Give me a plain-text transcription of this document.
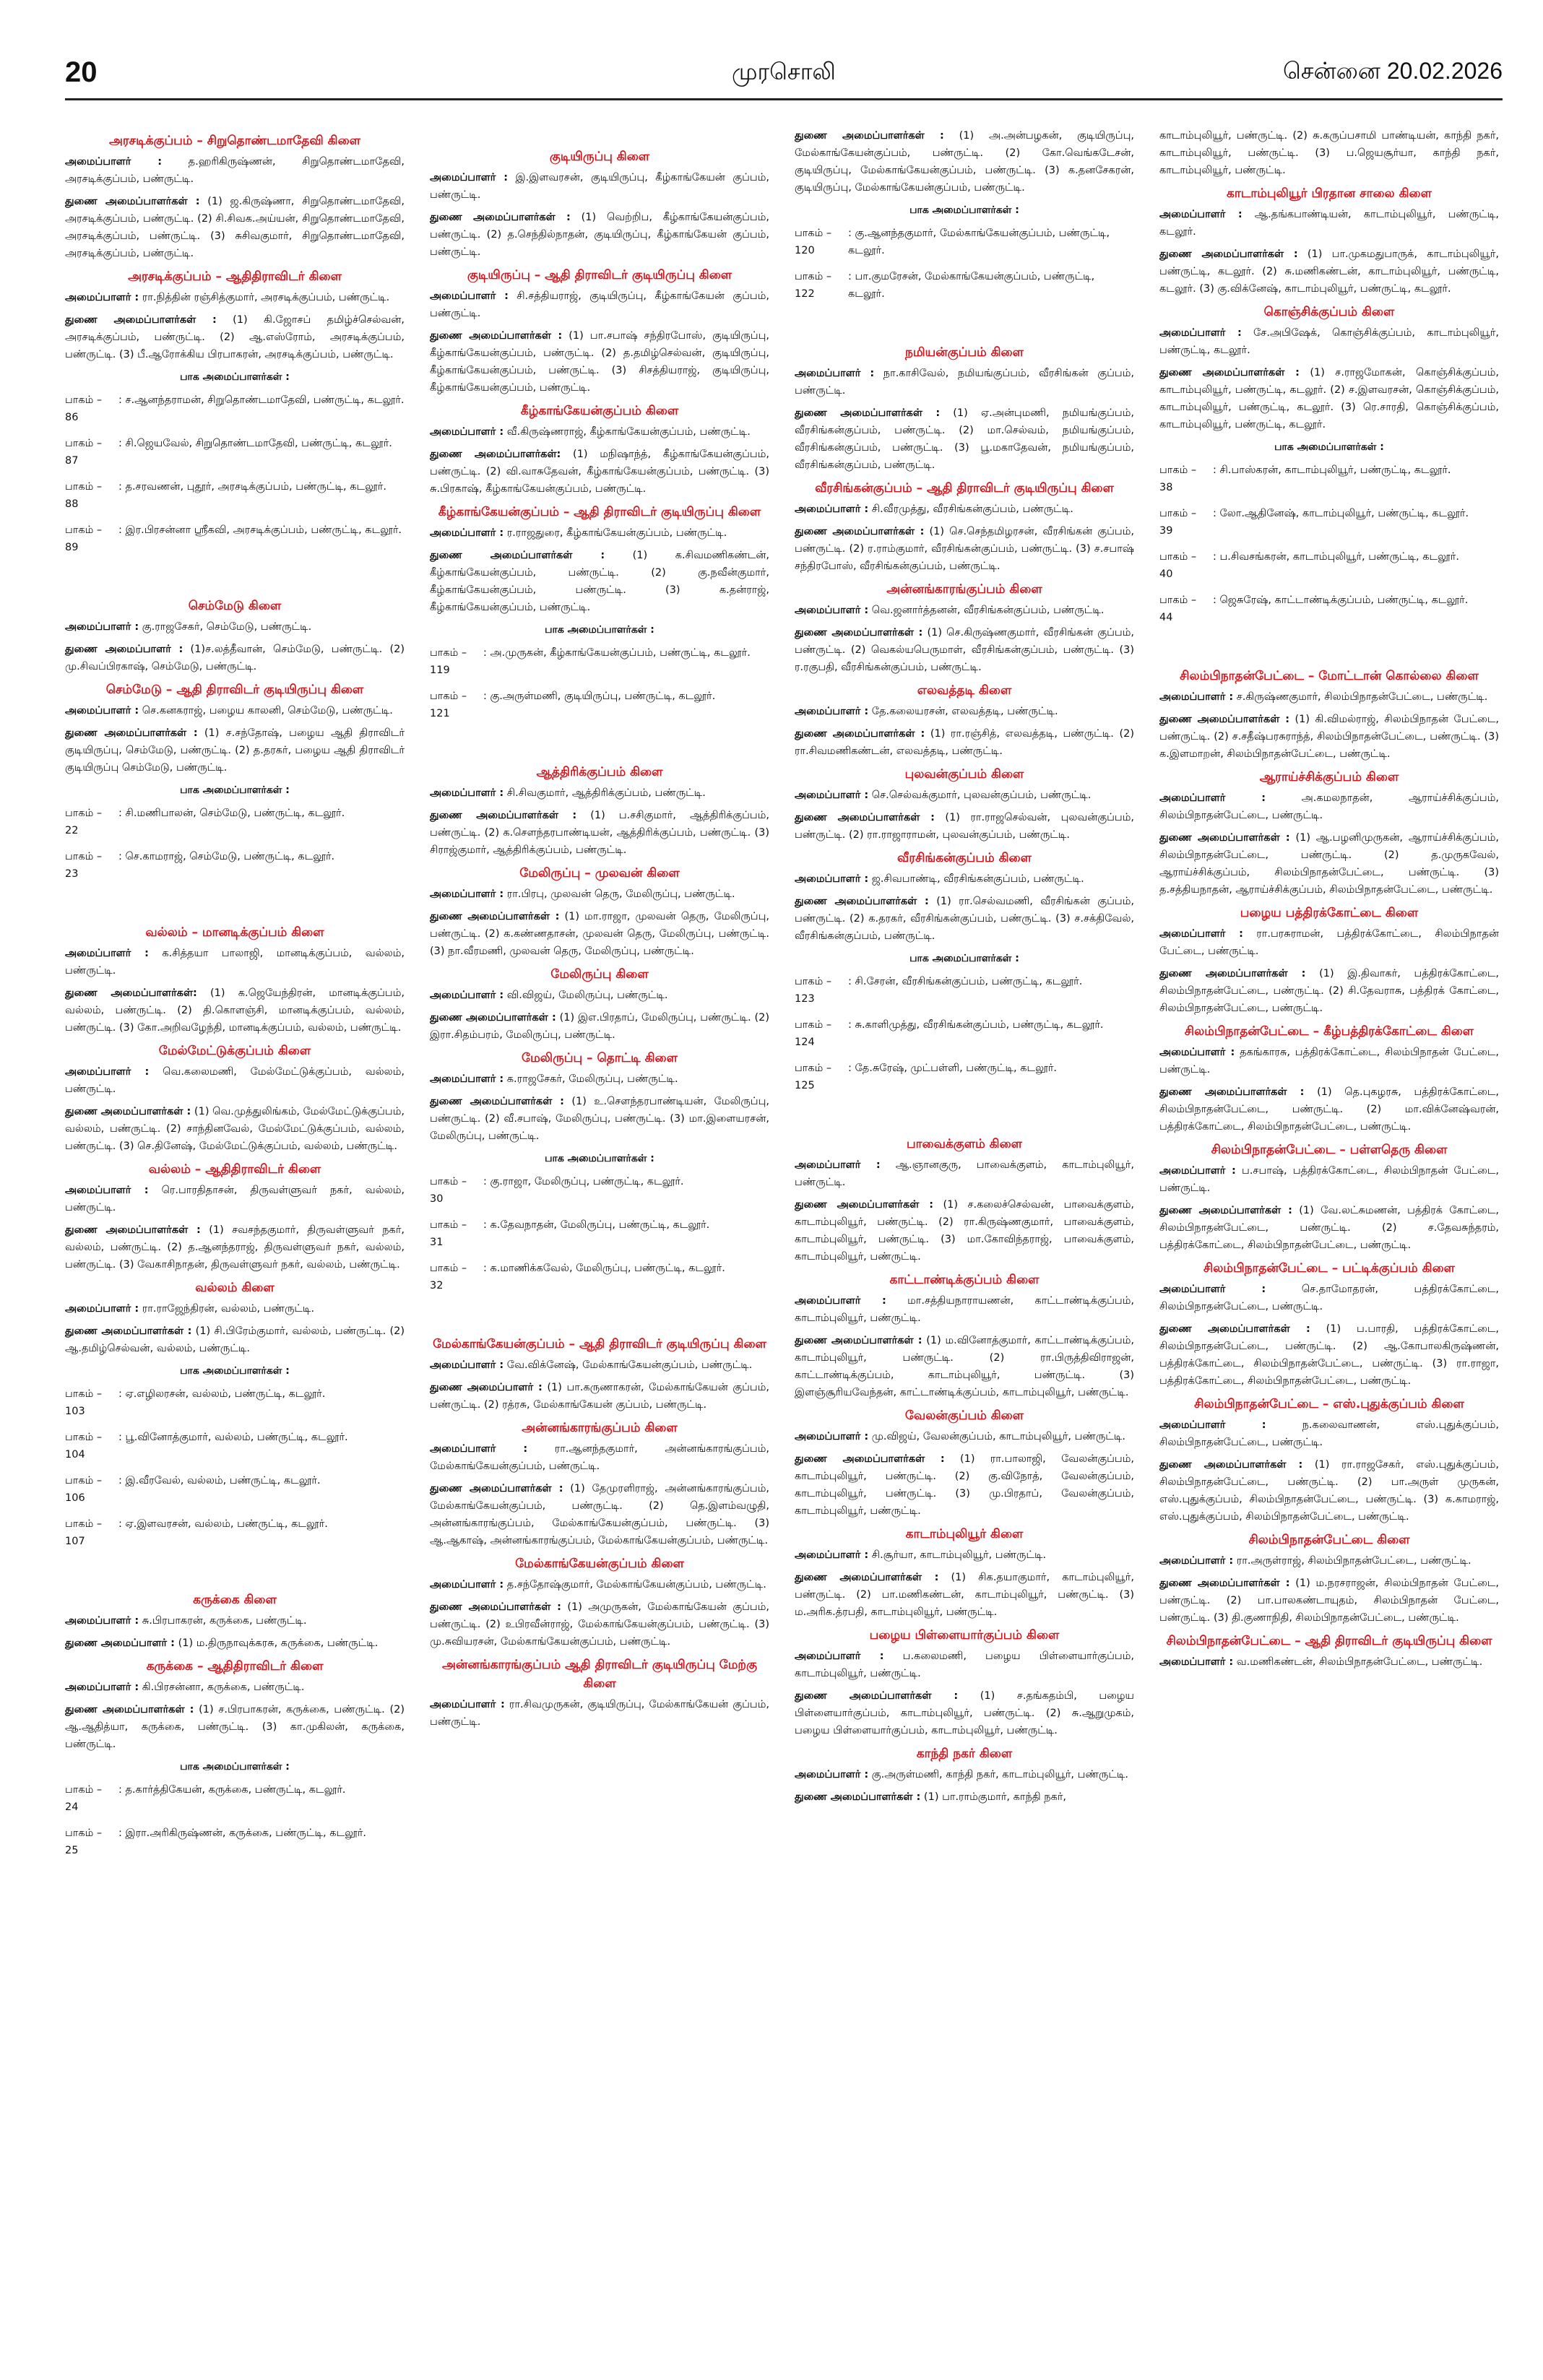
20	முரசொலி	சென்னை 20.02.2026
அரசடிக்குப்பம் – சிறுதொண்டமாதேவி கிளை
அமைப்பாளர் : த.ஹரிகிருஷ்ணன், சிறுதொண்டமாதேவி, அரசடிக்குப்பம், பண்ருட்டி.
துணை அமைப்பாளர்கள் : (1) ஜ.கிருஷ்ணா, சிறுதொண்டமாதேவி, அரசடிக்குப்பம், பண்ருட்டி. (2) சி.சிவக.அய்யன், சிறுதொண்டமாதேவி, அரசடிக்குப்பம், பண்ருட்டி. (3) சுசிவகுமார், சிறுதொண்டமாதேவி, அரசடிக்குப்பம், பண்ருட்டி.
அரசடிக்குப்பம் – ஆதிதிராவிடர் கிளை
அமைப்பாளர் : ரா.நித்தின் ரஞ்சித்குமார், அரசடிக்குப்பம், பண்ருட்டி.
துணை அமைப்பாளர்கள் : (1) கி.ஜோசப் தமிழ்ச்செல்வன், அரசடிக்குப்பம், பண்ருட்டி. (2) ஆ.எஸ்ரோம், அரசடிக்குப்பம், பண்ருட்டி. (3) பீ.ஆரோக்கிய பிரபாகரன், அரசடிக்குப்பம், பண்ருட்டி.
பாக அமைப்பாளர்கள் :
பாகம் – 86
: ச.ஆனந்தராமன், சிறுதொண்டமாதேவி, பண்ருட்டி, கடலூர்.
பாகம் – 87
: சி.ஜெயவேல், சிறுதொண்டமாதேவி, பண்ருட்டி, கடலூர்.
பாகம் – 88
: த.சரவணன், புதூர், அரசடிக்குப்பம், பண்ருட்டி, கடலூர்.
பாகம் – 89
: இர.பிரசன்னா ஸ்ரீகவி, அரசடிக்குப்பம், பண்ருட்டி, கடலூர்.
செம்மேடு கிளை
அமைப்பாளர் : கு.ராஜசேகர், செம்மேடு, பண்ருட்டி.
துணை அமைப்பாளர் : (1)ச.லத்தீவான், செம்மேடு, பண்ருட்டி. (2) மு.சிவப்பிரகாஷ், செம்மேடு, பண்ருட்டி.
செம்மேடு – ஆதி திராவிடர் குடியிருப்பு கிளை
அமைப்பாளர் : செ.கனகராஜ், பழைய காலனி, செம்மேடு, பண்ருட்டி.
துணை அமைப்பாளர்கள் : (1) ச.சந்தோஷ், பழைய ஆதி திராவிடர் குடியிருப்பு, செம்மேடு, பண்ருட்டி. (2) த.தரகர், பழைய ஆதி திராவிடர் குடியிருப்பு செம்மேடு, பண்ருட்டி.
பாக அமைப்பாளர்கள் :
பாகம் – 22
: சி.மணிபாலன், செம்மேடு, பண்ருட்டி, கடலூர்.
பாகம் – 23
: செ.காமராஜ், செம்மேடு, பண்ருட்டி, கடலூர்.
வல்லம் – மானடிக்குப்பம் கிளை
அமைப்பாளர் : க.சித்தயா பாலாஜி, மானடிக்குப்பம், வல்லம், பண்ருட்டி.
துணை அமைப்பாளர்கள்: (1) க.ஜெயேந்திரன், மானடிக்குப்பம், வல்லம், பண்ருட்டி. (2) தி.கொளஞ்சி, மானடிக்குப்பம், வல்லம், பண்ருட்டி. (3) கோ.அறிவழேந்தி, மானடிக்குப்பம், வல்லம், பண்ருட்டி.
மேல்மேட்டுக்குப்பம் கிளை
அமைப்பாளர் : வெ.கலைமணி, மேல்மேட்டுக்குப்பம், வல்லம், பண்ருட்டி.
துணை அமைப்பாளர்கள் : (1) வெ.முத்துலிங்கம், மேல்மேட்டுக்குப்பம், வல்லம், பண்ருட்டி. (2) சாந்தினவேல், மேல்மேட்டுக்குப்பம், வல்லம், பண்ருட்டி. (3) செ.தினேஷ், மேல்மேட்டுக்குப்பம், வல்லம், பண்ருட்டி.
வல்லம் – ஆதிதிராவிடர் கிளை
அமைப்பாளர் : ரெ.பாரதிதாசன், திருவள்ளுவர் நகர், வல்லம், பண்ருட்டி.
துணை அமைப்பாளர்கள் : (1) சவசந்தகுமார், திருவள்ளுவர் நகர், வல்லம், பண்ருட்டி. (2) த.ஆனந்தராஜ், திருவள்ளுவர் நகர், வல்லம், பண்ருட்டி. (3) வேகாசிநாதன், திருவள்ளுவர் நகர், வல்லம், பண்ருட்டி.
வல்லம் கிளை
அமைப்பாளர் : ரா.ராஜேந்திரன், வல்லம், பண்ருட்டி.
துணை அமைப்பாளர்கள் : (1) சி.பிரேம்குமார், வல்லம், பண்ருட்டி. (2) ஆ.தமிழ்செல்வன், வல்லம், பண்ருட்டி.
பாக அமைப்பாளர்கள் :
பாகம் – 103
: ஏ.எழிலரசன், வல்லம், பண்ருட்டி, கடலூர்.
பாகம் – 104
: பூ.வினோத்குமார், வல்லம், பண்ருட்டி, கடலூர்.
பாகம் – 106
: இ.வீரவேல், வல்லம், பண்ருட்டி, கடலூர்.
பாகம் – 107
: ஏ.இளவரசன், வல்லம், பண்ருட்டி, கடலூர்.
கருக்கை கிளை
அமைப்பாளர் : சு.பிரபாகரன், கருக்கை, பண்ருட்டி.
துணை அமைப்பாளர் : (1) ம.திருநாவுக்கரசு, கருக்கை, பண்ருட்டி.
கருக்கை – ஆதிதிராவிடர் கிளை
அமைப்பாளர் : கி.பிரசன்னா, கருக்கை, பண்ருட்டி.
துணை அமைப்பாளர்கள் : (1) ச.பிரபாகரன், கருக்கை, பண்ருட்டி. (2) ஆ.ஆதித்யா, கருக்கை, பண்ருட்டி. (3) கா.முகிலன், கருக்கை, பண்ருட்டி.
பாக அமைப்பாளர்கள் :
பாகம் – 24
: த.கார்த்திகேயன், கருக்கை, பண்ருட்டி, கடலூர்.
பாகம் – 25
: இரா.அரிகிருஷ்ணன், கருக்கை, பண்ருட்டி, கடலூர்.
குடியிருப்பு கிளை
அமைப்பாளர் : இ.இளவரசன், குடியிருப்பு, கீழ்காங்கேயன் குப்பம், பண்ருட்டி.
துணை அமைப்பாளர்கள் : (1) வெற்றிப, கீழ்காங்கேயன்குப்பம், பண்ருட்டி. (2) த.செந்தில்நாதன், குடியிருப்பு, கீழ்காங்கேயன் குப்பம், பண்ருட்டி.
குடியிருப்பு – ஆதி திராவிடர் குடியிருப்பு கிளை
அமைப்பாளர் : சி.சத்தியராஜ், குடியிருப்பு, கீழ்காங்கேயன் குப்பம், பண்ருட்டி.
துணை அமைப்பாளர்கள் : (1) பா.சபாஷ் சந்திரபோஸ், குடியிருப்பு, கீழ்காங்கேயன்குப்பம், பண்ருட்டி. (2) த.தமிழ்செல்வன், குடியிருப்பு, கீழ்காங்கேயன்குப்பம், பண்ருட்டி. (3) சிசத்தியராஜ், குடியிருப்பு, கீழ்காங்கேயன்குப்பம், பண்ருட்டி.
கீழ்காங்கேயன்குப்பம் கிளை
அமைப்பாளர் : வீ.கிருஷ்ணராஜ், கீழ்காங்கேயன்குப்பம், பண்ருட்டி.
துணை அமைப்பாளர்கள்: (1) மநிஷாந்த், கீழ்காங்கேயன்குப்பம், பண்ருட்டி. (2) வி.வாசுதேவன், கீழ்காங்கேயன்குப்பம், பண்ருட்டி. (3) சு.பிரகாஷ், கீழ்காங்கேயன்குப்பம், பண்ருட்டி.
கீழ்காங்கேயன்குப்பம் – ஆதி திராவிடர் குடியிருப்பு கிளை
அமைப்பாளர் : ர.ராஜதுரை, கீழ்காங்கேயன்குப்பம், பண்ருட்டி.
துணை அமைப்பாளர்கள் : (1) க.சிவமணிகண்டன், கீழ்காங்கேயன்குப்பம், பண்ருட்டி. (2) கு.நவீன்குமார், கீழ்காங்கேயன்குப்பம், பண்ருட்டி. (3) க.தன்ராஜ், கீழ்காங்கேயன்குப்பம், பண்ருட்டி.
பாக அமைப்பாளர்கள் :
பாகம் – 119
: அ.முருகன், கீழ்காங்கேயன்குப்பம், பண்ருட்டி, கடலூர்.
பாகம் – 121
: கு.அருள்மணி, குடியிருப்பு, பண்ருட்டி, கடலூர்.
ஆத்திரிக்குப்பம் கிளை
அமைப்பாளர் : சி.சிவகுமார், ஆத்திரிக்குப்பம், பண்ருட்டி.
துணை அமைப்பாளர்கள் : (1) ப.சசிகுமார், ஆத்திரிக்குப்பம், பண்ருட்டி. (2) க.செளந்தரபாண்டியன், ஆத்திரிக்குப்பம், பண்ருட்டி. (3) சிராஜ்குமார், ஆத்திரிக்குப்பம், பண்ருட்டி.
மேலிருப்பு – முலவன் கிளை
அமைப்பாளர் : ரா.பிரபு, முலவன் தெரு, மேலிருப்பு, பண்ருட்டி.
துணை அமைப்பாளர்கள் : (1) மா.ராஜா, முலவன் தெரு, மேலிருப்பு, பண்ருட்டி. (2) க.கண்ணதாசன், முலவன் தெரு, மேலிருப்பு, பண்ருட்டி. (3) நா.வீரமணி, முலவன் தெரு, மேலிருப்பு, பண்ருட்டி.
மேலிருப்பு கிளை
அமைப்பாளர் : வி.விஜய், மேலிருப்பு, பண்ருட்டி.
துணை அமைப்பாளர்கள் : (1) இஎ.பிரதாப், மேலிருப்பு, பண்ருட்டி. (2) இரா.சிதம்பரம், மேலிருப்பு, பண்ருட்டி.
மேலிருப்பு – தொட்டி கிளை
அமைப்பாளர் : க.ராஜசேகர், மேலிருப்பு, பண்ருட்டி.
துணை அமைப்பாளர்கள் : (1) உ.செளந்தரபாண்டியன், மேலிருப்பு, பண்ருட்டி. (2) வீ.சபாஷ், மேலிருப்பு, பண்ருட்டி. (3) மா.இளையரசன், மேலிருப்பு, பண்ருட்டி.
பாக அமைப்பாளர்கள் :
பாகம் – 30
: கு.ராஜா, மேலிருப்பு, பண்ருட்டி, கடலூர்.
பாகம் – 31
: க.தேவநாதன், மேலிருப்பு, பண்ருட்டி, கடலூர்.
பாகம் – 32
: க.மாணிக்கவேல், மேலிருப்பு, பண்ருட்டி, கடலூர்.
மேல்காங்கேயன்குப்பம் – ஆதி திராவிடர் குடியிருப்பு கிளை
அமைப்பாளர் : வே.விக்னேஷ், மேல்காங்கேயன்குப்பம், பண்ருட்டி.
துணை அமைப்பாளர் : (1) பா.கருணாகரன், மேல்காங்கேயன் குப்பம், பண்ருட்டி. (2) ரத்ரசு, மேல்காங்கேயன் குப்பம், பண்ருட்டி.
அன்னங்காரங்குப்பம் கிளை
அமைப்பாளர் : ரா.ஆனந்தகுமார், அன்னங்காரங்குப்பம், மேல்காங்கேயன்குப்பம், பண்ருட்டி.
துணை அமைப்பாளர்கள் : (1) தேமுரளிராஜ், அன்னங்காரங்குப்பம், மேல்காங்கேயன்குப்பம், பண்ருட்டி. (2) தெ.இளம்வழுதி, அன்னங்காரங்குப்பம், மேல்காங்கேயன்குப்பம், பண்ருட்டி. (3) ஆ.ஆகாஷ், அன்னங்காரங்குப்பம், மேல்காங்கேயன்குப்பம், பண்ருட்டி.
மேல்காங்கேயன்குப்பம் கிளை
அமைப்பாளர் : த.சந்தோஷ்குமார், மேல்காங்கேயன்குப்பம், பண்ருட்டி.
துணை அமைப்பாளர்கள் : (1) அமுருகன், மேல்காங்கேயன் குப்பம், பண்ருட்டி. (2) உபிரவீன்ராஜ், மேல்காங்கேயன்குப்பம், பண்ருட்டி. (3) மு.சுவியரசன், மேல்காங்கேயன்குப்பம், பண்ருட்டி.
அன்னங்காரங்குப்பம் ஆதி திராவிடர் குடியிருப்பு மேற்கு கிளை
அமைப்பாளர் : ரா.சிவமுருகன், குடியிருப்பு, மேல்காங்கேயன் குப்பம், பண்ருட்டி.
துணை அமைப்பாளர்கள் : (1) அ.அன்பழகன், குடியிருப்பு, மேல்காங்கேயன்குப்பம், பண்ருட்டி. (2) கோ.வெங்கடேசன், குடியிருப்பு, மேல்காங்கேயன்குப்பம், பண்ருட்டி. (3) க.தனசேகரன், குடியிருப்பு, மேல்காங்கேயன்குப்பம், பண்ருட்டி.
பாக அமைப்பாளர்கள் :
பாகம் – 120
: கு.ஆனந்தகுமார், மேல்காங்கேயன்குப்பம், பண்ருட்டி, கடலூர்.
பாகம் – 122
: பா.குமரேசன், மேல்காங்கேயன்குப்பம், பண்ருட்டி, கடலூர்.
நமியன்குப்பம் கிளை
அமைப்பாளர் : நா.காசிவேல், நமியங்குப்பம், வீரசிங்கன் குப்பம், பண்ருட்டி.
துணை அமைப்பாளர்கள் : (1) ஏ.அன்புமணி, நமியங்குப்பம், வீரசிங்கன்குப்பம், பண்ருட்டி. (2) மா.செல்வம், நமியங்குப்பம், வீரசிங்கன்குப்பம், பண்ருட்டி. (3) பூ.மகாதேவன், நமியங்குப்பம், வீரசிங்கன்குப்பம், பண்ருட்டி.
வீரசிங்கன்குப்பம் – ஆதி திராவிடர் குடியிருப்பு கிளை
அமைப்பாளர் : சி.வீரமுத்து, வீரசிங்கன்குப்பம், பண்ருட்டி.
துணை அமைப்பாளர்கள் : (1) செ.செந்தமிழரசன், வீரசிங்கன் குப்பம், பண்ருட்டி. (2) ர.ராம்குமார், வீரசிங்கன்குப்பம், பண்ருட்டி. (3) ச.சபாஷ் சந்திரபோஸ், வீரசிங்கன்குப்பம், பண்ருட்டி.
அன்னங்காரங்குப்பம் கிளை
அமைப்பாளர் : வெ.ஜனார்த்தனன், வீரசிங்கன்குப்பம், பண்ருட்டி.
துணை அமைப்பாளர்கள் : (1) செ.கிருஷ்ணகுமார், வீரசிங்கன் குப்பம், பண்ருட்டி. (2) வெகல்யபெருமாள், வீரசிங்கன்குப்பம், பண்ருட்டி. (3) ர.ரகுபதி, வீரசிங்கன்குப்பம், பண்ருட்டி.
எலவத்தடி கிளை
அமைப்பாளர் : தே.கலையரசன், எலவத்தடி, பண்ருட்டி.
துணை அமைப்பாளர்கள் : (1) ரா.ரஞ்சித், எலவத்தடி, பண்ருட்டி. (2) ரா.சிவமணிகண்டன், எலவத்தடி, பண்ருட்டி.
புலவன்குப்பம் கிளை
அமைப்பாளர் : செ.செல்வக்குமார், புலவன்குப்பம், பண்ருட்டி.
துணை அமைப்பாளர்கள் : (1) ரா.ராஜசெல்வன், புலவன்குப்பம், பண்ருட்டி. (2) ரா.ராஜாராமன், புலவன்குப்பம், பண்ருட்டி.
வீரசிங்கன்குப்பம் கிளை
அமைப்பாளர் : ஜ.சிவபாண்டி, வீரசிங்கன்குப்பம், பண்ருட்டி.
துணை அமைப்பாளர்கள் : (1) ரா.செல்வமணி, வீரசிங்கன் குப்பம், பண்ருட்டி. (2) க.தரகர், வீரசிங்கன்குப்பம், பண்ருட்டி. (3) ச.சக்திவேல், வீரசிங்கன்குப்பம், பண்ருட்டி.
பாக அமைப்பாளர்கள் :
பாகம் – 123
: சி.சேரன், வீரசிங்கன்குப்பம், பண்ருட்டி, கடலூர்.
பாகம் – 124
: சு.காளிமுத்து, வீரசிங்கன்குப்பம், பண்ருட்டி, கடலூர்.
பாகம் – 125
: தே.சுரேஷ், முட்பள்ளி, பண்ருட்டி, கடலூர்.
பாவைக்குளம் கிளை
அமைப்பாளர் : ஆ.ஞானகுரு, பாவைக்குளம், காடாம்புலியூர், பண்ருட்டி.
துணை அமைப்பாளர்கள் : (1) ச.கலைச்செல்வன், பாவைக்குளம், காடாம்புலியூர், பண்ருட்டி. (2) ரா.கிருஷ்ணகுமார், பாவைக்குளம், காடாம்புலியூர், பண்ருட்டி. (3) மா.கோவிந்தராஜ், பாவைக்குளம், காடாம்புலியூர், பண்ருட்டி.
காட்டாண்டிக்குப்பம் கிளை
அமைப்பாளர் : மா.சத்தியநாராயணன், காட்டாண்டிக்குப்பம், காடாம்புலியூர், பண்ருட்டி.
துணை அமைப்பாளர்கள் : (1) ம.வினோத்குமார், காட்டாண்டிக்குப்பம், காடாம்புலியூர், பண்ருட்டி. (2) ரா.பிருத்திவிராஜன், காட்டாண்டிக்குப்பம், காடாம்புலியூர், பண்ருட்டி. (3) இளஞ்சூரியவேந்தன், காட்டாண்டிக்குப்பம், காடாம்புலியூர், பண்ருட்டி.
வேலன்குப்பம் கிளை
அமைப்பாளர் : மு.விஜய், வேலன்குப்பம், காடாம்புலியூர், பண்ருட்டி.
துணை அமைப்பாளர்கள் : (1) ரா.பாலாஜி, வேலன்குப்பம், காடாம்புலியூர், பண்ருட்டி. (2) கு.விநோத், வேலன்குப்பம், காடாம்புலியூர், பண்ருட்டி. (3) மு.பிரதாப், வேலன்குப்பம், காடாம்புலியூர், பண்ருட்டி.
காடாம்புலியூர் கிளை
அமைப்பாளர் : சி.சூர்யா, காடாம்புலியூர், பண்ருட்டி.
துணை அமைப்பாளர்கள் : (1) சிக.தயாகுமார், காடாம்புலியூர், பண்ருட்டி. (2) பா.மணிகண்டன், காடாம்புலியூர், பண்ருட்டி. (3) ம.அரிக.த்ரபதி, காடாம்புலியூர், பண்ருட்டி.
பழைய பிள்ளையார்குப்பம் கிளை
அமைப்பாளர் : ப.கலைமணி, பழைய பிள்ளையார்குப்பம், காடாம்புலியூர், பண்ருட்டி.
துணை அமைப்பாளர்கள் : (1) ச.தங்கதம்பி, பழைய பிள்ளையார்குப்பம், காடாம்புலியூர், பண்ருட்டி. (2) சு.ஆறுமுகம், பழைய பிள்ளையார்குப்பம், காடாம்புலியூர், பண்ருட்டி.
காந்தி நகர் கிளை
அமைப்பாளர் : கு.அருள்மணி, காந்தி நகர், காடாம்புலியூர், பண்ருட்டி.
துணை அமைப்பாளர்கள் : (1) பா.ராம்குமார், காந்தி நகர்,
காடாம்புலியூர், பண்ருட்டி. (2) சு.கருப்பசாமி பாண்டியன், காந்தி நகர், காடாம்புலியூர், பண்ருட்டி. (3) ப.ஜெயசூர்யா, காந்தி நகர், காடாம்புலியூர், பண்ருட்டி.
காடாம்புலியூர் பிரதான சாலை கிளை
அமைப்பாளர் : ஆ.தங்கபாண்டியன், காடாம்புலியூர், பண்ருட்டி, கடலூர்.
துணை அமைப்பாளர்கள் : (1) பா.முகமதுபாருக், காடாம்புலியூர், பண்ருட்டி, கடலூர். (2) சு.மணிகண்டன், காடாம்புலியூர், பண்ருட்டி, கடலூர். (3) கு.விக்னேஷ், காடாம்புலியூர், பண்ருட்டி, கடலூர்.
கொஞ்சிக்குப்பம் கிளை
அமைப்பாளர் : சே.அபிஷேக், கொஞ்சிக்குப்பம், காடாம்புலியூர், பண்ருட்டி, கடலூர்.
துணை அமைப்பாளர்கள் : (1) ச.ராஜமோகன், கொஞ்சிக்குப்பம், காடாம்புலியூர், பண்ருட்டி, கடலூர். (2) ச.இளவரசன், கொஞ்சிக்குப்பம், காடாம்புலியூர், பண்ருட்டி, கடலூர். (3) ரெ.சாரதி, கொஞ்சிக்குப்பம், காடாம்புலியூர், பண்ருட்டி, கடலூர்.
பாக அமைப்பாளர்கள் :
பாகம் – 38
: சி.பாஸ்கரன், காடாம்புலியூர், பண்ருட்டி, கடலூர்.
பாகம் – 39
: லோ.ஆதினேஷ், காடாம்புலியூர், பண்ருட்டி, கடலூர்.
பாகம் – 40
: ப.சிவசங்கரன், காடாம்புலியூர், பண்ருட்டி, கடலூர்.
பாகம் – 44
: ஜெசுரேஷ், காட்டாண்டிக்குப்பம், பண்ருட்டி, கடலூர்.
சிலம்பிநாதன்பேட்டை – மோட்டான் கொல்லை கிளை
அமைப்பாளர் : ச.கிருஷ்ணகுமார், சிலம்பிநாதன்பேட்டை, பண்ருட்டி.
துணை அமைப்பாளர்கள் : (1) கி.விமல்ராஜ், சிலம்பிநாதன் பேட்டை, பண்ருட்டி. (2) ச.சதீஷ்பரசுராந்த், சிலம்பிநாதன்பேட்டை, பண்ருட்டி. (3) க.இளமாறன், சிலம்பிநாதன்பேட்டை, பண்ருட்டி.
ஆராய்ச்சிக்குப்பம் கிளை
அமைப்பாளர் : அ.கமலநாதன், ஆராய்ச்சிக்குப்பம், சிலம்பிநாதன்பேட்டை, பண்ருட்டி.
துணை அமைப்பாளர்கள் : (1) ஆ.பழனிமுருகன், ஆராய்ச்சிக்குப்பம், சிலம்பிநாதன்பேட்டை, பண்ருட்டி. (2) த.முருகவேல், ஆராய்ச்சிக்குப்பம், சிலம்பிநாதன்பேட்டை, பண்ருட்டி. (3) த.சத்தியநாதன், ஆராய்ச்சிக்குப்பம், சிலம்பிநாதன்பேட்டை, பண்ருட்டி.
பழைய பத்திரக்கோட்டை கிளை
அமைப்பாளர் : ரா.பரசுராமன், பத்திரக்கோட்டை, சிலம்பிநாதன் பேட்டை, பண்ருட்டி.
துணை அமைப்பாளர்கள் : (1) இ.திவாகர், பத்திரக்கோட்டை, சிலம்பிநாதன்பேட்டை, பண்ருட்டி. (2) சி.தேவராசு, பத்திரக் கோட்டை, சிலம்பிநாதன்பேட்டை, பண்ருட்டி.
சிலம்பிநாதன்பேட்டை – கீழ்பத்திரக்கோட்டை கிளை
அமைப்பாளர் : தகங்காரசு, பத்திரக்கோட்டை, சிலம்பிநாதன் பேட்டை, பண்ருட்டி.
துணை அமைப்பாளர்கள் : (1) தெ.புகழரசு, பத்திரக்கோட்டை, சிலம்பிநாதன்பேட்டை, பண்ருட்டி. (2) மா.விக்னேஷ்வரன், பத்திரக்கோட்டை, சிலம்பிநாதன்பேட்டை, பண்ருட்டி.
சிலம்பிநாதன்பேட்டை – பள்ளதெரு கிளை
அமைப்பாளர் : ப.சபாஷ், பத்திரக்கோட்டை, சிலம்பிநாதன் பேட்டை, பண்ருட்டி.
துணை அமைப்பாளர்கள் : (1) வே.லட்சுமணன், பத்திரக் கோட்டை, சிலம்பிநாதன்பேட்டை, பண்ருட்டி. (2) ச.தேவசுந்தரம், பத்திரக்கோட்டை, சிலம்பிநாதன்பேட்டை, பண்ருட்டி.
சிலம்பிநாதன்பேட்டை – பட்டிக்குப்பம் கிளை
அமைப்பாளர் : செ.தாமோதரன், பத்திரக்கோட்டை, சிலம்பிநாதன்பேட்டை, பண்ருட்டி.
துணை அமைப்பாளர்கள் : (1) ப.பாரதி, பத்திரக்கோட்டை, சிலம்பிநாதன்பேட்டை, பண்ருட்டி. (2) ஆ.கோபாலகிருஷ்ணன், பத்திரக்கோட்டை, சிலம்பிநாதன்பேட்டை, பண்ருட்டி. (3) ரா.ராஜா, பத்திரக்கோட்டை, சிலம்பிநாதன்பேட்டை, பண்ருட்டி.
சிலம்பிநாதன்பேட்டை – எஸ்.புதுக்குப்பம் கிளை
அமைப்பாளர் : ந.கலைவாணன், எஸ்.புதுக்குப்பம், சிலம்பிநாதன்பேட்டை, பண்ருட்டி.
துணை அமைப்பாளர்கள் : (1) ரா.ராஜசேகர், எஸ்.புதுக்குப்பம், சிலம்பிநாதன்பேட்டை, பண்ருட்டி. (2) பா.அருள் முருகன், எஸ்.புதுக்குப்பம், சிலம்பிநாதன்பேட்டை, பண்ருட்டி. (3) க.காமராஜ், எஸ்.புதுக்குப்பம், சிலம்பிநாதன்பேட்டை, பண்ருட்டி.
சிலம்பிநாதன்பேட்டை கிளை
அமைப்பாளர் : ரா.அருள்ராஜ், சிலம்பிநாதன்பேட்டை, பண்ருட்டி.
துணை அமைப்பாளர்கள் : (1) ம.நரசராஜன், சிலம்பிநாதன் பேட்டை, பண்ருட்டி. (2) பா.பாலகண்டாயுதம், சிலம்பிநாதன் பேட்டை, பண்ருட்டி. (3) தி.குணாநிதி, சிலம்பிநாதன்பேட்டை, பண்ருட்டி.
சிலம்பிநாதன்பேட்டை – ஆதி திராவிடர் குடியிருப்பு கிளை
அமைப்பாளர் : வ.மணிகண்டன், சிலம்பிநாதன்பேட்டை, பண்ருட்டி.
